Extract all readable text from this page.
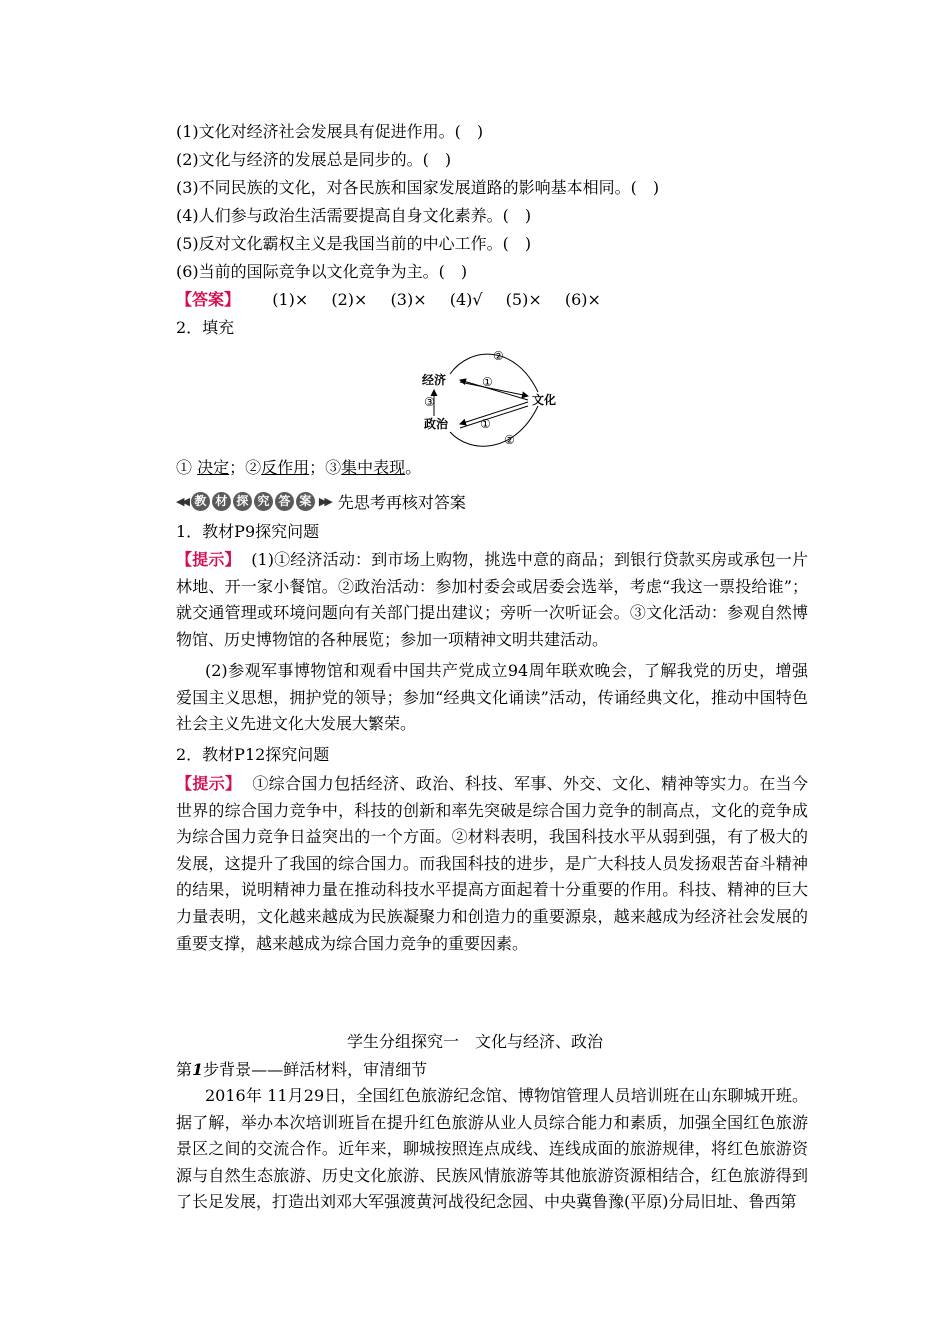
(1)文化对经济社会发展具有促进作用。(　)
(2)文化与经济的发展总是同步的。(　)
(3)不同民族的文化，对各民族和国家发展道路的影响基本相同。(　)
(4)人们参与政治生活需要提高自身文化素养。(　)
(5)反对文化霸权主义是我国当前的中心工作。(　)
(6)当前的国际竞争以文化竞争为主。(　)
【答案】 (1)× (2)× (3)× (4)√ (5)× (6)×
2．填充
经济
政治
文化
②
①
③
①
②
① 决定；②反作用；③集中表现。
◀◀ 教 材 探 究 答 案 ▶▶ 先思考再核对答案
1．教材P9探究问题
【提示】 (1)①经济活动：到市场上购物，挑选中意的商品；到银行贷款买房或承包一片林地、开一家小餐馆。②政治活动：参加村委会或居委会选举，考虑“我这一票投给谁”；就交通管理或环境问题向有关部门提出建议；旁听一次听证会。③文化活动：参观自然博物馆、历史博物馆的各种展览；参加一项精神文明共建活动。
(2)参观军事博物馆和观看中国共产党成立94周年联欢晚会，了解我党的历史，增强爱国主义思想，拥护党的领导；参加“经典文化诵读”活动，传诵经典文化，推动中国特色社会主义先进文化大发展大繁荣。
2．教材P12探究问题
【提示】 ①综合国力包括经济、政治、科技、军事、外交、文化、精神等实力。在当今世界的综合国力竞争中，科技的创新和率先突破是综合国力竞争的制高点，文化的竞争成为综合国力竞争日益突出的一个方面。②材料表明，我国科技水平从弱到强，有了极大的发展，这提升了我国的综合国力。而我国科技的进步，是广大科技人员发扬艰苦奋斗精神的结果，说明精神力量在推动科技水平提高方面起着十分重要的作用。科技、精神的巨大力量表明，文化越来越成为民族凝聚力和创造力的重要源泉，越来越成为经济社会发展的重要支撑，越来越成为综合国力竞争的重要因素。
学生分组探究一　文化与经济、政治
第1步背景——鲜活材料，审清细节
2016年 11月29日，全国红色旅游纪念馆、博物馆管理人员培训班在山东聊城开班。据了解，举办本次培训班旨在提升红色旅游从业人员综合能力和素质，加强全国红色旅游景区之间的交流合作。近年来，聊城按照连点成线、连线成面的旅游规律，将红色旅游资源与自然生态旅游、历史文化旅游、民族风情旅游等其他旅游资源相结合，红色旅游得到了长足发展，打造出刘邓大军强渡黄河战役纪念园、中央冀鲁豫(平原)分局旧址、鲁西第
